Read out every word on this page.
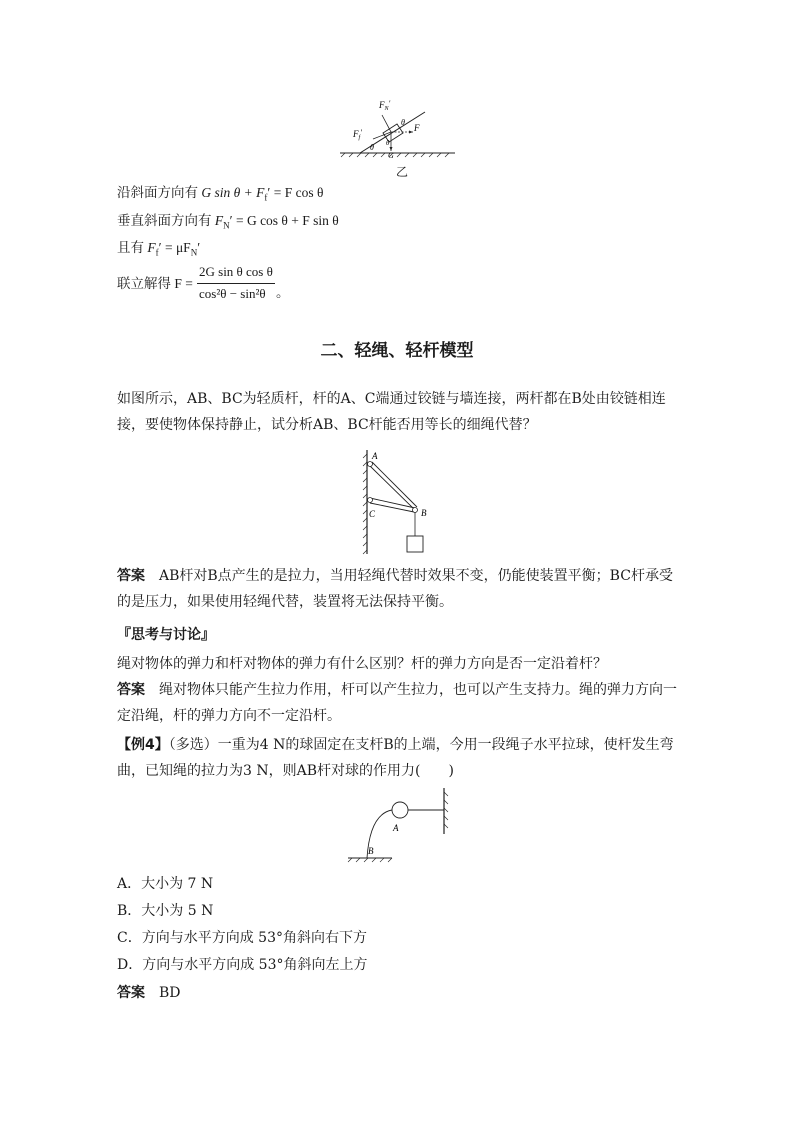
$F_N'$
θ
F
$F_f'$
θ θ
G
乙
沿斜面方向有 G $\sin \theta + F_f' = F$ cos θ
垂直斜面方向有 $F_N' = G$ cos θ + F sin θ
且有 $F_f' = \mu F_N'$
联立解得 F =
2G sin θ cos θ
cos²θ − sin²θ 。
二、轻绳、轻杆模型
如图所示，AB、BC为轻质杆，杆的A、C端通过铰链与墙连接，两杆都在B处由铰链相连接，要使物体保持静止，试分析AB、BC杆能否用等长的细绳代替？
A
C	B
答案　 AB杆对B点产生的是拉力，当用轻绳代替时效果不变，仍能使装置平衡；BC杆承受的是压力，如果使用轻绳代替，装置将无法保持平衡。
『思考与讨论』
绳对物体的弹力和杆对物体的弹力有什么区别？杆的弹力方向是否一定沿着杆？
答案　 绳对物体只能产生拉力作用，杆可以产生拉力，也可以产生支持力。绳的弹力方向一定沿绳，杆的弹力方向不一定沿杆。
【例4】（多选）一重为4 N的球固定在支杆B的上端，今用一段绳子水平拉球，使杆发生弯曲，已知绳的拉力为3 N，则AB杆对球的作用力(　　)
A
B
A．大小为 7 N
B．大小为 5 N
C．方向与水平方向成 53°角斜向右下方
D．方向与水平方向成 53°角斜向左上方
答案　 BD
